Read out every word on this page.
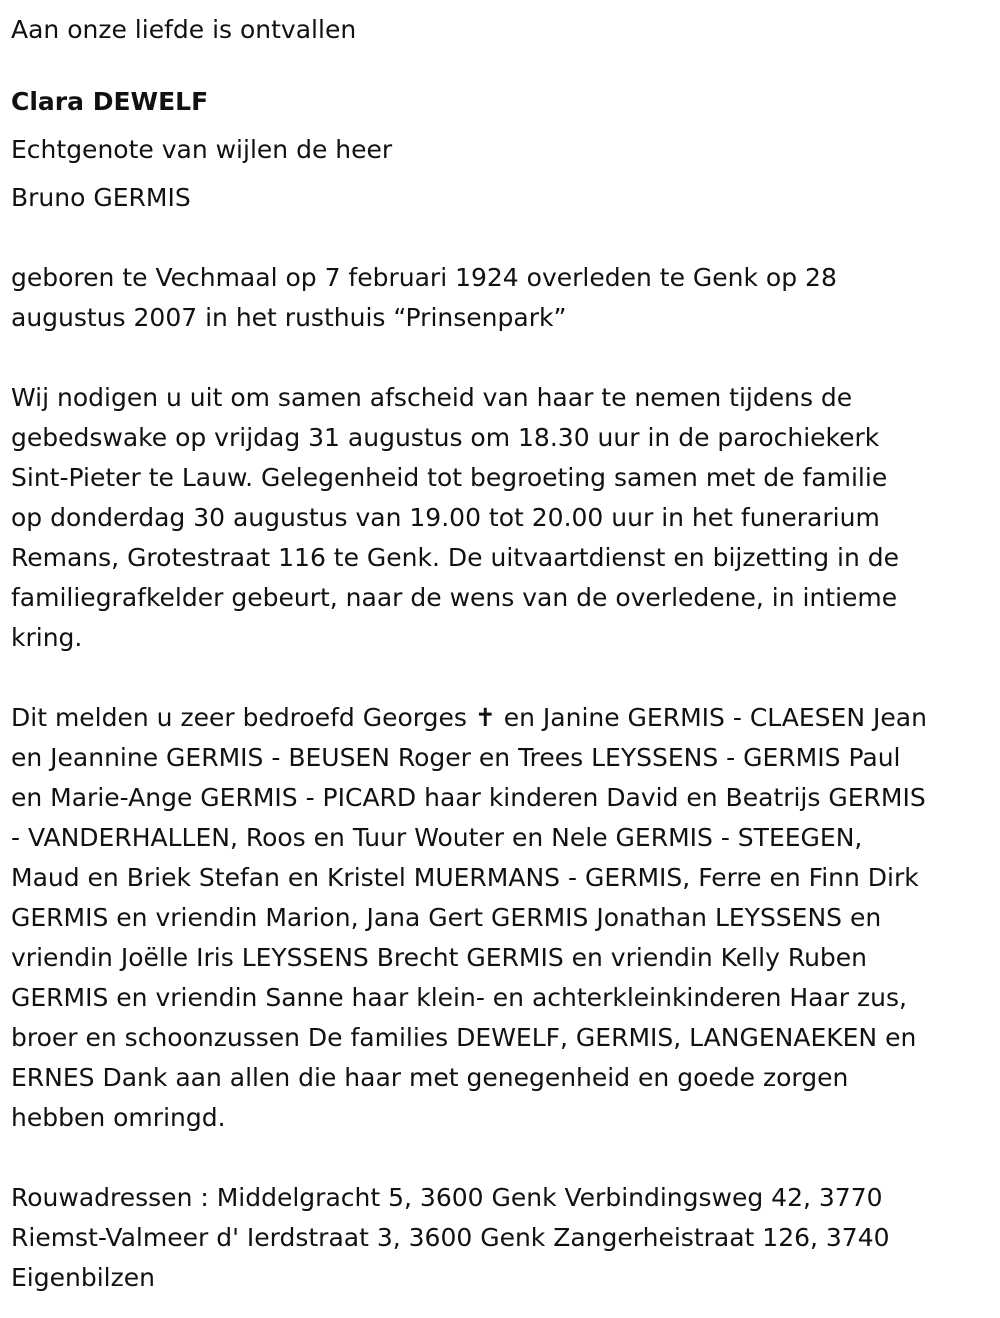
Aan onze liefde is ontvallen

Clara DEWELF

Echtgenote van wijlen de heer

Bruno GERMIS

geboren te Vechmaal op 7 februari 1924 overleden te Genk op 28

augustus 2007 in het rusthuis “Prinsenpark”

Wij nodigen u uit om samen afscheid van haar te nemen tijdens de

gebedswake op vrijdag 31 augustus om 18.30 uur in de parochiekerk

Sint-Pieter te Lauw. Gelegenheid tot begroeting samen met de familie

op donderdag 30 augustus van 19.00 tot 20.00 uur in het funerarium

Remans, Grotestraat 116 te Genk. De uitvaartdienst en bijzetting in de

familiegrafkelder gebeurt, naar de wens van de overledene, in intieme

kring.

Dit melden u zeer bedroefd Georges ✝ en Janine GERMIS - CLAESEN Jean

en Jeannine GERMIS - BEUSEN Roger en Trees LEYSSENS - GERMIS Paul

en Marie-Ange GERMIS - PICARD haar kinderen David en Beatrijs GERMIS

- VANDERHALLEN, Roos en Tuur Wouter en Nele GERMIS - STEEGEN,

Maud en Briek Stefan en Kristel MUERMANS - GERMIS, Ferre en Finn Dirk

GERMIS en vriendin Marion, Jana Gert GERMIS Jonathan LEYSSENS en

vriendin Joëlle Iris LEYSSENS Brecht GERMIS en vriendin Kelly Ruben

GERMIS en vriendin Sanne haar klein- en achterkleinkinderen Haar zus,

broer en schoonzussen De families DEWELF, GERMIS, LANGENAEKEN en

ERNES Dank aan allen die haar met genegenheid en goede zorgen

hebben omringd.

Rouwadressen : Middelgracht 5, 3600 Genk Verbindingsweg 42, 3770

Riemst-Valmeer d' Ierdstraat 3, 3600 Genk Zangerheistraat 126, 3740

Eigenbilzen
